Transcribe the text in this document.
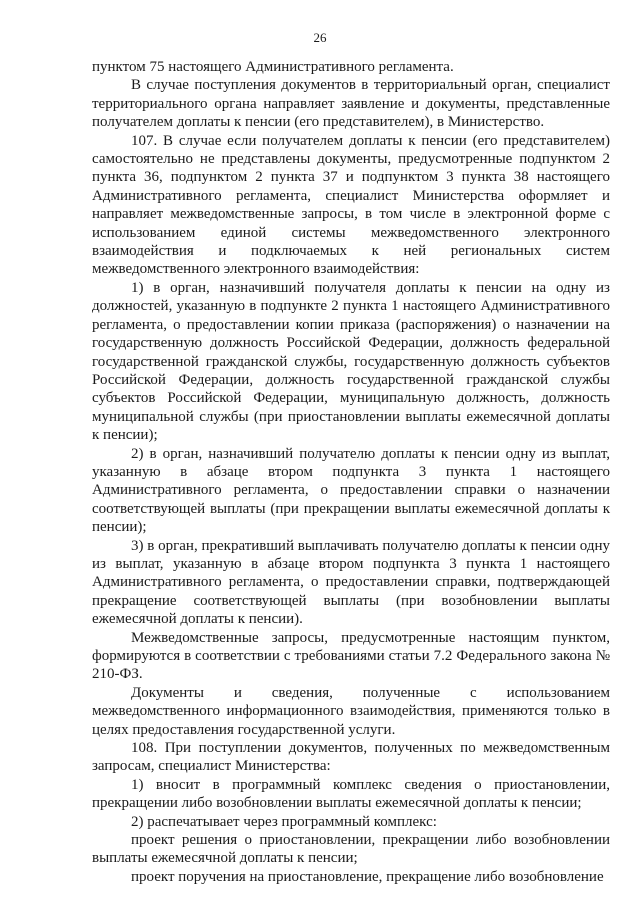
26

пунктом 75 настоящего Административного регламента.

В случае поступления документов в территориальный орган, специалист территориального органа направляет заявление и документы, представленные получателем доплаты к пенсии (его представителем), в Министерство.

107. В случае если получателем доплаты к пенсии (его представителем) самостоятельно не представлены документы, предусмотренные подпунктом 2 пункта 36, подпунктом 2 пункта 37 и подпунктом 3 пункта 38 настоящего Административного регламента, специалист Министерства оформляет и направляет межведомственные запросы, в том числе в электронной форме с использованием единой системы межведомственного электронного взаимодействия и подключаемых к ней региональных систем межведомственного электронного взаимодействия:

1) в орган, назначивший получателя доплаты к пенсии на одну из должностей, указанную в подпункте 2 пункта 1 настоящего Административного регламента, о предоставлении копии приказа (распоряжения) о назначении на государственную должность Российской Федерации, должность федеральной государственной гражданской службы, государственную должность субъектов Российской Федерации, должность государственной гражданской службы субъектов Российской Федерации, муниципальную должность, должность муниципальной службы (при приостановлении выплаты ежемесячной доплаты к пенсии);

2) в орган, назначивший получателю доплаты к пенсии одну из выплат, указанную в абзаце втором подпункта 3 пункта 1 настоящего Административного регламента, о предоставлении справки о назначении соответствующей выплаты (при прекращении выплаты ежемесячной доплаты к пенсии);

3) в орган, прекративший выплачивать получателю доплаты к пенсии одну из выплат, указанную в абзаце втором подпункта 3 пункта 1 настоящего Административного регламента, о предоставлении справки, подтверждающей прекращение соответствующей выплаты (при возобновлении выплаты ежемесячной доплаты к пенсии).

Межведомственные запросы, предусмотренные настоящим пунктом, формируются в соответствии с требованиями статьи 7.2 Федерального закона № 210-ФЗ.

Документы и сведения, полученные с использованием межведомственного информационного взаимодействия, применяются только в целях предоставления государственной услуги.

108. При поступлении документов, полученных по межведомственным запросам, специалист Министерства:

1) вносит в программный комплекс сведения о приостановлении, прекращении либо возобновлении выплаты ежемесячной доплаты к пенсии;

2) распечатывает через программный комплекс:

проект решения о приостановлении, прекращении либо возобновлении выплаты ежемесячной доплаты к пенсии;

проект поручения на приостановление, прекращение либо возобновление
